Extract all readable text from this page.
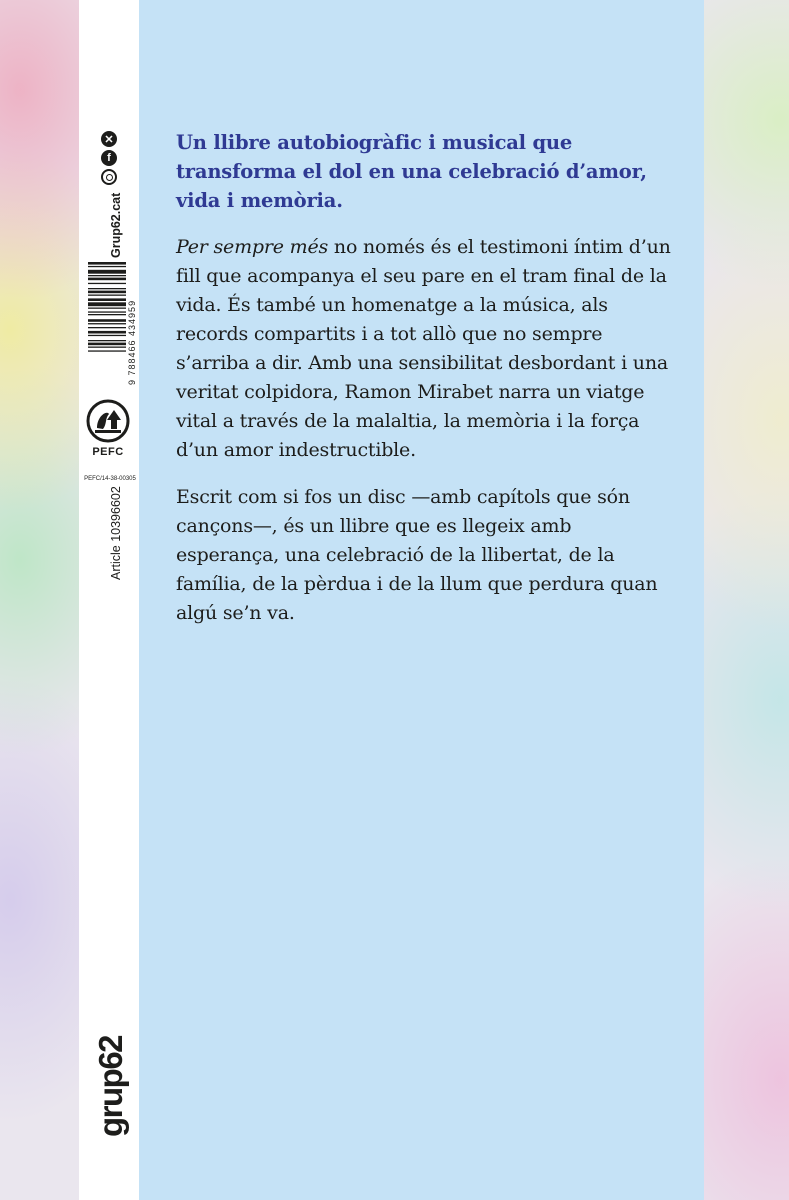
✕
f
Grup62.cat
9 788466 434959
PEFC
PEFC/14-38-00305
Article 10396602
grup62

Un llibre autobiogràfic i musical que transforma el dol en una celebració d’amor, vida i memòria.

Per sempre més no només és el testimoni íntim d’un fill que acompanya el seu pare en el tram final de la vida. És també un homenatge a la música, als records compartits i a tot allò que no sempre s’arriba a dir. Amb una sensibilitat desbordant i una veritat colpidora, Ramon Mirabet narra un viatge vital a través de la malaltia, la memòria i la força d’un amor indestructible.

Escrit com si fos un disc —amb capítols que són cançons—, és un llibre que es llegeix amb esperança, una celebració de la llibertat, de la família, de la pèrdua i de la llum que perdura quan algú se’n va.
